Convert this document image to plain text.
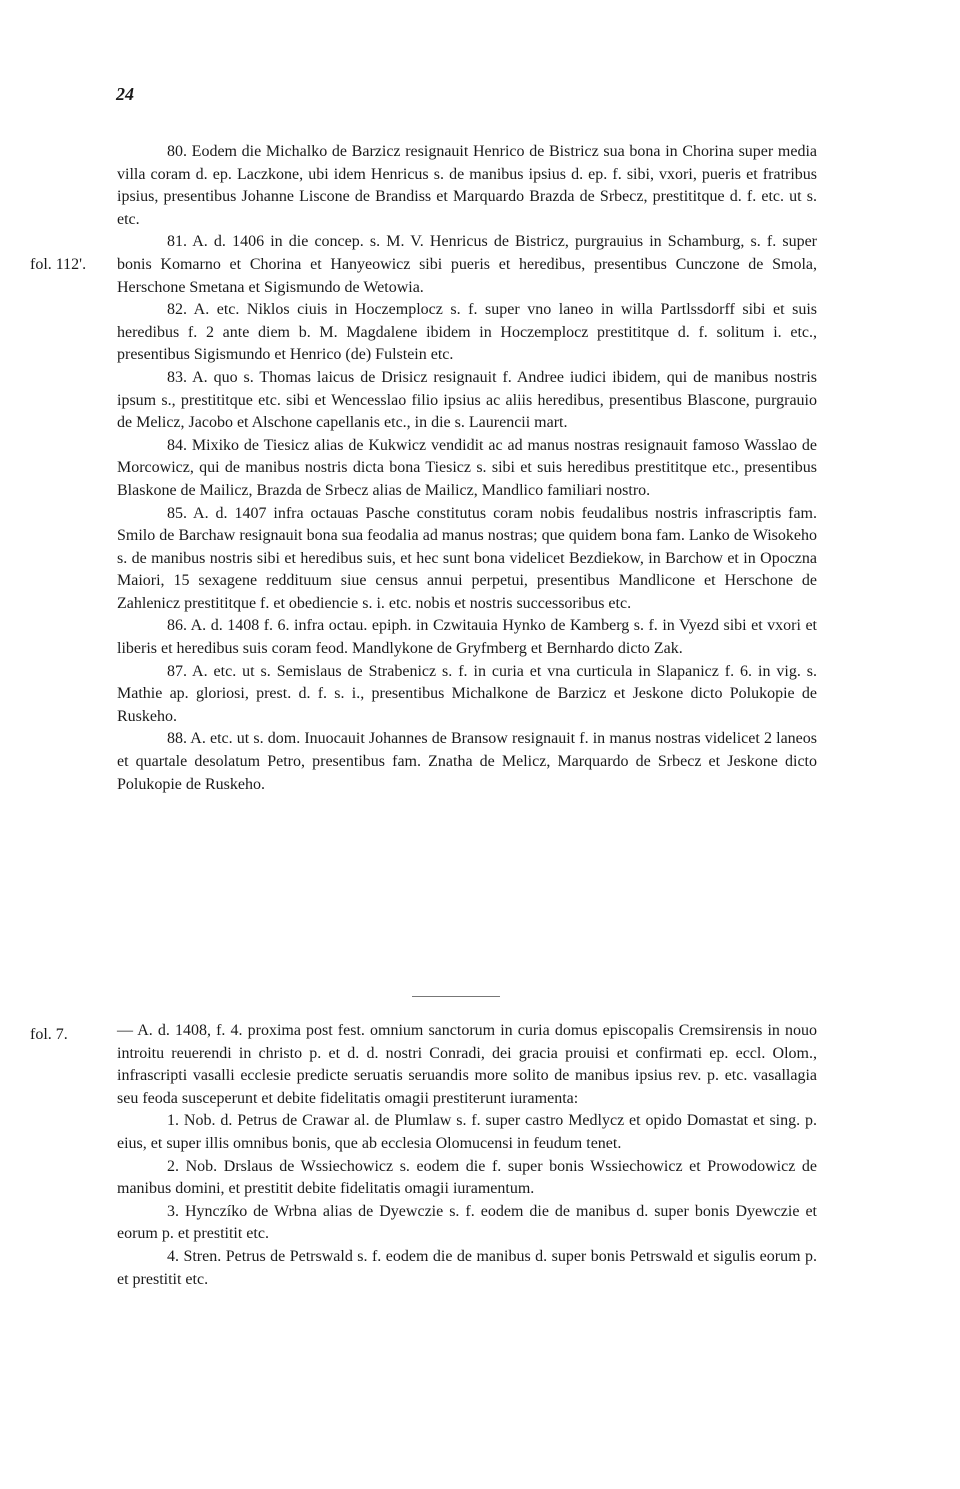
24
fol. 112'.
fol. 7.

80. Eodem die Michalko de Barzicz resignauit Henrico de Bistricz sua bona in Chorina super media villa coram d. ep. Laczkone, ubi idem Henricus s. de manibus ipsius d. ep. f. sibi, vxori, pueris et fratribus ipsius, presentibus Johanne Liscone de Brandiss et Marquardo Brazda de Srbecz, prestititque d. f. etc. ut s. etc.

81. A. d. 1406 in die concep. s. M. V. Henricus de Bistricz, purgrauius in Schamburg, s. f. super bonis Komarno et Chorina et Hanyeowicz sibi pueris et heredibus, presentibus Cunczone de Smola, Herschone Smetana et Sigismundo de Wetowia.

82. A. etc. Niklos ciuis in Hoczemplocz s. f. super vno laneo in willa Partlssdorff sibi et suis heredibus f. 2 ante diem b. M. Magdalene ibidem in Hoczemplocz prestititque d. f. solitum i. etc., presentibus Sigismundo et Henrico (de) Fulstein etc.

83. A. quo s. Thomas laicus de Drisicz resignauit f. Andree iudici ibidem, qui de manibus nostris ipsum s., prestititque etc. sibi et Wencesslao filio ipsius ac aliis heredibus, presentibus Blascone, purgrauio de Melicz, Jacobo et Alschone capellanis etc., in die s. Laurencii mart.

84. Mixiko de Tiesicz alias de Kukwicz vendidit ac ad manus nostras resignauit famoso Wasslao de Morcowicz, qui de manibus nostris dicta bona Tiesicz s. sibi et suis heredibus prestititque etc., presentibus Blaskone de Mailicz, Brazda de Srbecz alias de Mailicz, Mandlico familiari nostro.

85. A. d. 1407 infra octauas Pasche constitutus coram nobis feudalibus nostris infrascriptis fam. Smilo de Barchaw resignauit bona sua feodalia ad manus nostras; que quidem bona fam. Lanko de Wisokeho s. de manibus nostris sibi et heredibus suis, et hec sunt bona videlicet Bezdiekow, in Barchow et in Opoczna Maiori, 15 sexagene reddituum siue census annui perpetui, presentibus Mandlicone et Herschone de Zahlenicz prestititque f. et obediencie s. i. etc. nobis et nostris successoribus etc.

86. A. d. 1408 f. 6. infra octau. epiph. in Czwitauia Hynko de Kamberg s. f. in Vyezd sibi et vxori et liberis et heredibus suis coram feod. Mandlykone de Gryfmberg et Bernhardo dicto Zak.

87. A. etc. ut s. Semislaus de Strabenicz s. f. in curia et vna curticula in Slapanicz f. 6. in vig. s. Mathie ap. gloriosi, prest. d. f. s. i., presentibus Michalkone de Barzicz et Jeskone dicto Polukopie de Ruskeho.

88. A. etc. ut s. dom. Inuocauit Johannes de Bransow resignauit f. in manus nostras videlicet 2 laneos et quartale desolatum Petro, presentibus fam. Znatha de Melicz, Marquardo de Srbecz et Jeskone dicto Polukopie de Ruskeho.

— A. d. 1408, f. 4. proxima post fest. omnium sanctorum in curia domus episcopalis Cremsirensis in nouo introitu reuerendi in christo p. et d. d. nostri Conradi, dei gracia prouisi et confirmati ep. eccl. Olom., infrascripti vasalli ecclesie predicte seruatis seruandis more solito de manibus ipsius rev. p. etc. vasallagia seu feoda susceperunt et debite fidelitatis omagii prestiterunt iuramenta:

1. Nob. d. Petrus de Crawar al. de Plumlaw s. f. super castro Medlycz et opido Domastat et sing. p. eius, et super illis omnibus bonis, que ab ecclesia Olomucensi in feudum tenet.

2. Nob. Drslaus de Wssiechowicz s. eodem die f. super bonis Wssiechowicz et Prowodowicz de manibus domini, et prestitit debite fidelitatis omagii iuramentum.

3. Hynczíko de Wrbna alias de Dyewczie s. f. eodem die de manibus d. super bonis Dyewczie et eorum p. et prestitit etc.

4. Stren. Petrus de Petrswald s. f. eodem die de manibus d. super bonis Petrswald et sigulis eorum p. et prestitit etc.
